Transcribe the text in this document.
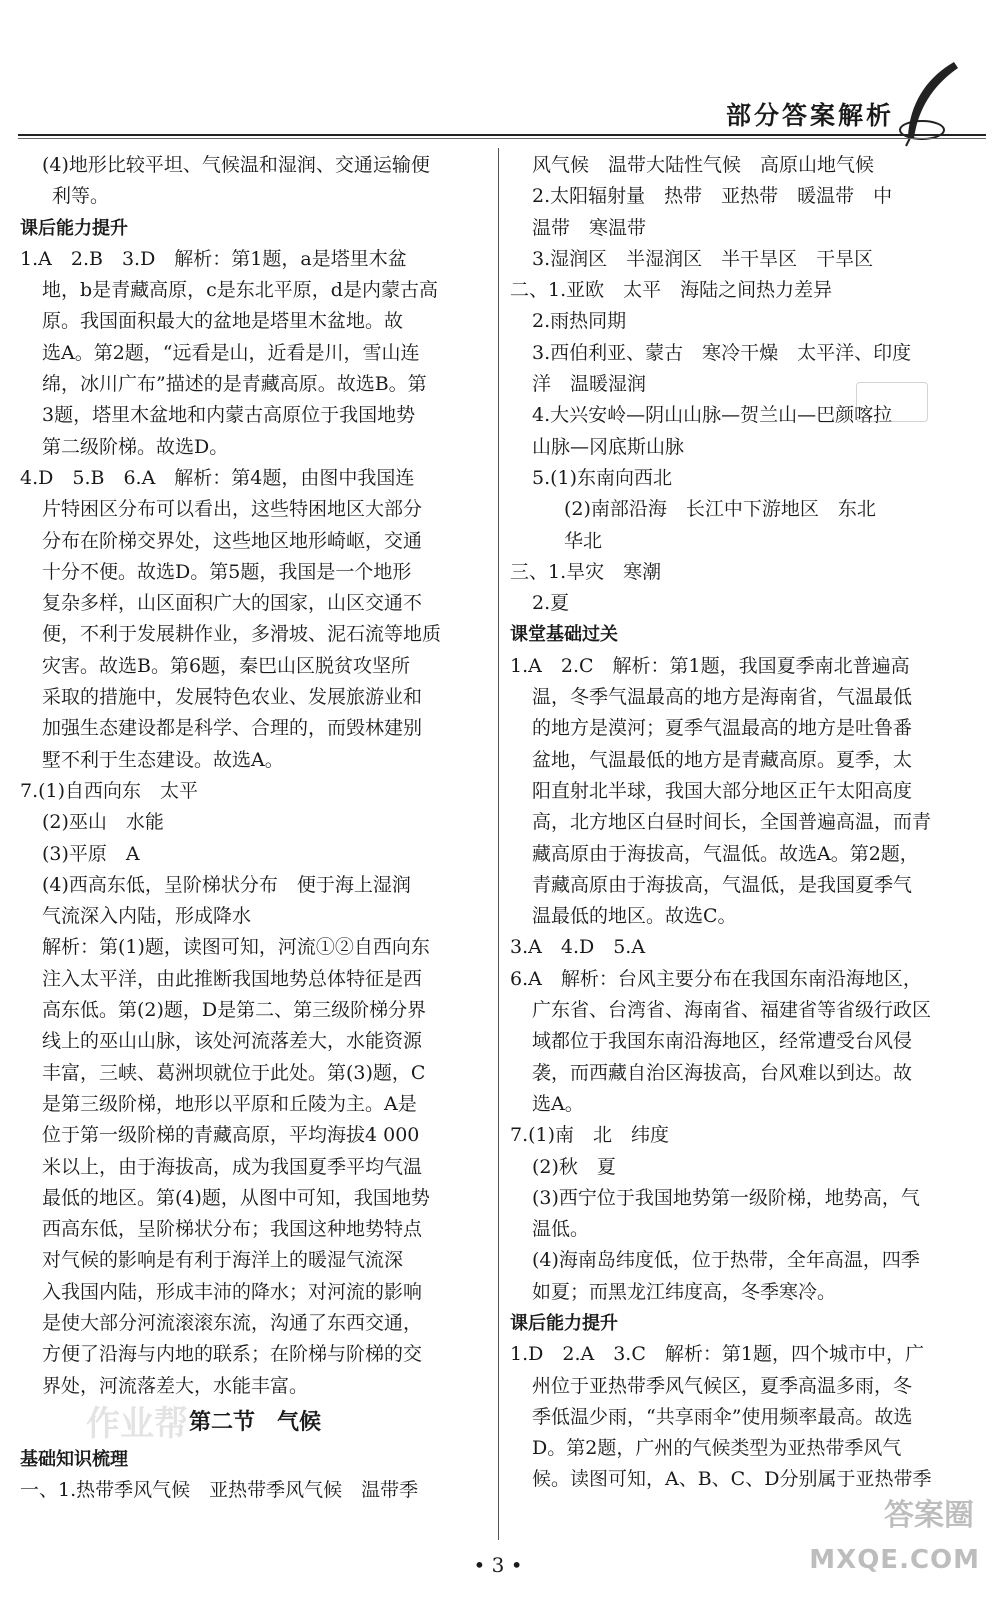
部分答案解析
(4)地形比较平坦、气候温和湿润、交通运输便
利等。
课后能力提升
1.A　2.B　3.D　解析：第1题，a是塔里木盆
地，b是青藏高原，c是东北平原，d是内蒙古高
原。我国面积最大的盆地是塔里木盆地。故
选A。第2题，“远看是山，近看是川，雪山连
绵，冰川广布”描述的是青藏高原。故选B。第
3题，塔里木盆地和内蒙古高原位于我国地势
第二级阶梯。故选D。
4.D　5.B　6.A　解析：第4题，由图中我国连
片特困区分布可以看出，这些特困地区大部分
分布在阶梯交界处，这些地区地形崎岖，交通
十分不便。故选D。第5题，我国是一个地形
复杂多样，山区面积广大的国家，山区交通不
便，不利于发展耕作业，多滑坡、泥石流等地质
灾害。故选B。第6题，秦巴山区脱贫攻坚所
采取的措施中，发展特色农业、发展旅游业和
加强生态建设都是科学、合理的，而毁林建别
墅不利于生态建设。故选A。
7.(1)自西向东　太平
(2)巫山　水能
(3)平原　A
(4)西高东低，呈阶梯状分布　便于海上湿润
气流深入内陆，形成降水
解析：第(1)题，读图可知，河流①②自西向东
注入太平洋，由此推断我国地势总体特征是西
高东低。第(2)题，D是第二、第三级阶梯分界
线上的巫山山脉，该处河流落差大，水能资源
丰富，三峡、葛洲坝就位于此处。第(3)题，C
是第三级阶梯，地形以平原和丘陵为主。A是
位于第一级阶梯的青藏高原，平均海拔4 000
米以上，由于海拔高，成为我国夏季平均气温
最低的地区。第(4)题，从图中可知，我国地势
西高东低，呈阶梯状分布；我国这种地势特点
对气候的影响是有利于海洋上的暖湿气流深
入我国内陆，形成丰沛的降水；对河流的影响
是使大部分河流滚滚东流，沟通了东西交通，
方便了沿海与内地的联系；在阶梯与阶梯的交
界处，河流落差大，水能丰富。
第二节　气候
基础知识梳理
一、1.热带季风气候　亚热带季风气候　温带季
风气候　温带大陆性气候　高原山地气候
2.太阳辐射量　热带　亚热带　暖温带　中
温带　寒温带
3.湿润区　半湿润区　半干旱区　干旱区
二、1.亚欧　太平　海陆之间热力差异
2.雨热同期
3.西伯利亚、蒙古　寒冷干燥　太平洋、印度
洋　温暖湿润
4.大兴安岭—阴山山脉—贺兰山—巴颜喀拉
山脉—冈底斯山脉
5.(1)东南向西北
(2)南部沿海　长江中下游地区　东北
华北
三、1.旱灾　寒潮
2.夏
课堂基础过关
1.A　2.C　解析：第1题，我国夏季南北普遍高
温，冬季气温最高的地方是海南省，气温最低
的地方是漠河；夏季气温最高的地方是吐鲁番
盆地，气温最低的地方是青藏高原。夏季，太
阳直射北半球，我国大部分地区正午太阳高度
高，北方地区白昼时间长，全国普遍高温，而青
藏高原由于海拔高，气温低。故选A。第2题，
青藏高原由于海拔高，气温低，是我国夏季气
温最低的地区。故选C。
3.A　4.D　5.A
6.A　解析：台风主要分布在我国东南沿海地区，
广东省、台湾省、海南省、福建省等省级行政区
域都位于我国东南沿海地区，经常遭受台风侵
袭，而西藏自治区海拔高，台风难以到达。故
选A。
7.(1)南　北　纬度
(2)秋　夏
(3)西宁位于我国地势第一级阶梯，地势高，气
温低。
(4)海南岛纬度低，位于热带，全年高温，四季
如夏；而黑龙江纬度高，冬季寒冷。
课后能力提升
1.D　2.A　3.C　解析：第1题，四个城市中，广
州位于亚热带季风气候区，夏季高温多雨，冬
季低温少雨，“共享雨伞”使用频率最高。故选
D。第2题，广州的气候类型为亚热带季风气
候。读图可知，A、B、C、D分别属于亚热带季
• 3 •
作业帮
答案圈
MXQE.COM
